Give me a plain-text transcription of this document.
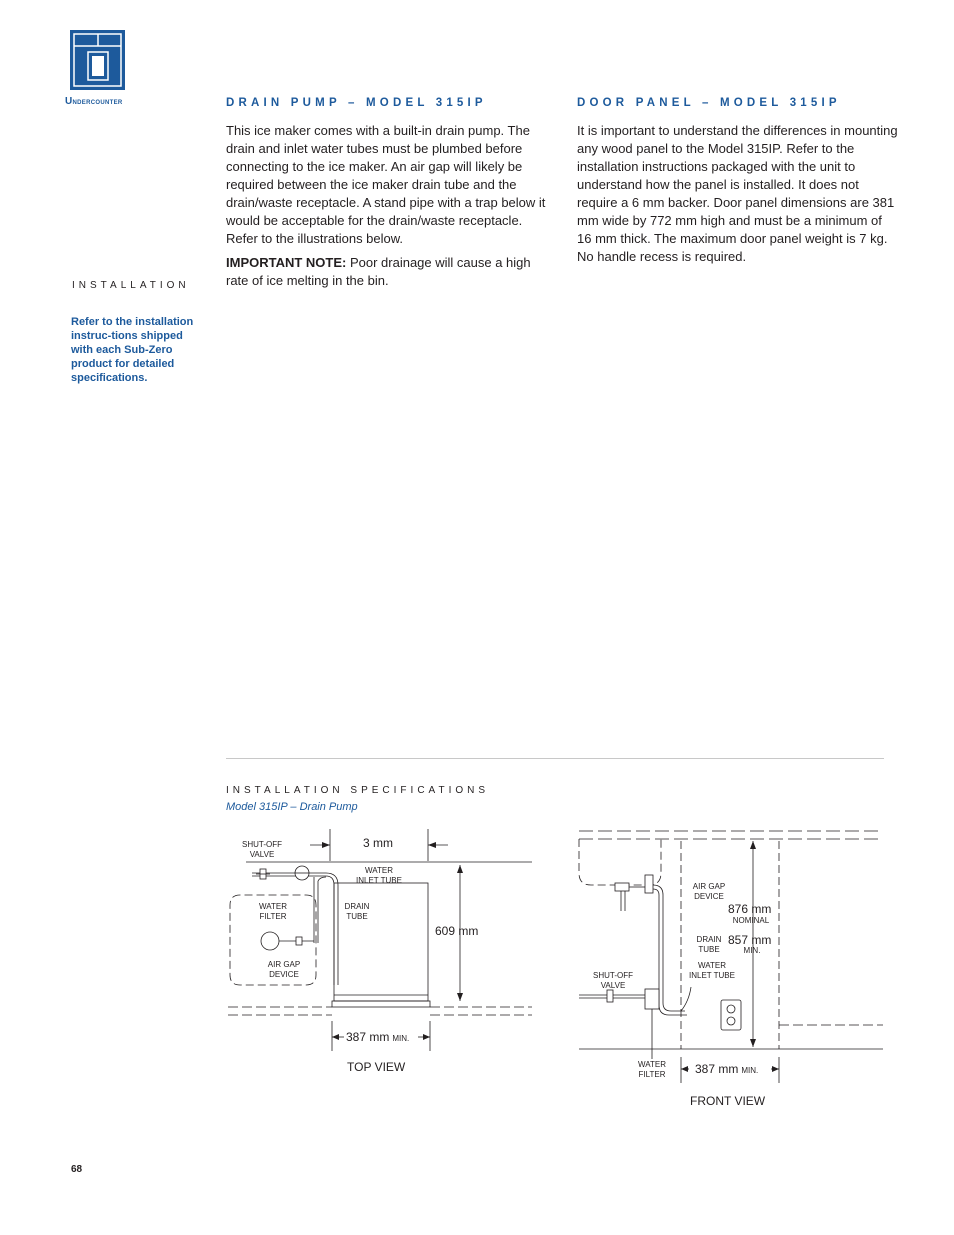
Undercounter
INSTALLATION
Refer to the installation instruc-tions shipped with each Sub-Zero product for detailed specifications.
DRAIN PUMP – MODEL 315IP

This ice maker comes with a built-in drain pump. The drain and inlet water tubes must be plumbed before connecting to the ice maker. An air gap will likely be required between the ice maker drain tube and the drain/waste receptacle. A stand pipe with a trap below it would be acceptable for the drain/waste receptacle. Refer to the illustrations below.

IMPORTANT NOTE: Poor drainage will cause a high rate of ice melting in the bin.

DOOR PANEL – MODEL 315IP

It is important to understand the differences in mounting any wood panel to the Model 315IP. Refer to the installation instructions packaged with the unit to understand how the panel is installed. It does not require a 6 mm backer. Door panel dimensions are 381 mm wide by 772 mm high and must be a minimum of 16 mm thick. The maximum door panel weight is 7 kg. No handle recess is required.

INSTALLATION SPECIFICATIONS
Model 315IP – Drain Pump
SHUT-OFF
VALVE
3 mm
WATER
INLET TUBE
WATER
FILTER
DRAIN
TUBE
609 mm
AIR GAP
DEVICE
387 mm MIN.
TOP VIEW
AIR GAP
DEVICE
876 mm
NOMINAL
DRAIN
TUBE
857 mm
MIN.
WATER
INLET TUBE
SHUT-OFF
VALVE
WATER
FILTER 387 mm MIN.
FRONT VIEW
68
